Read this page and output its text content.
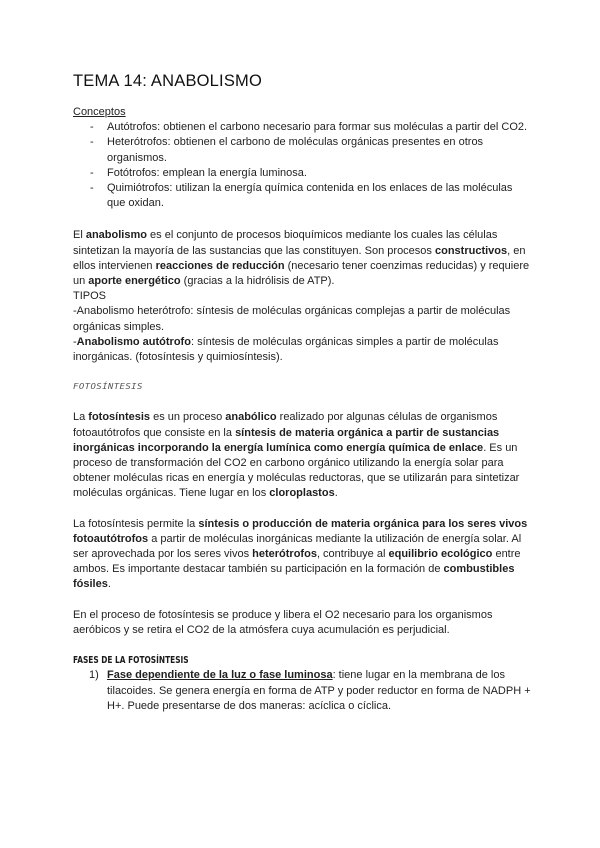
TEMA 14: ANABOLISMO
Conceptos
- Autótrofos: obtienen el carbono necesario para formar sus moléculas a partir del CO2.
- Heterótrofos: obtienen el carbono de moléculas orgánicas presentes en otros organismos.
- Fotótrofos: emplean la energía luminosa.
- Quimiótrofos: utilizan la energía química contenida en los enlaces de las moléculas que oxidan.

El anabolismo es el conjunto de procesos bioquímicos mediante los cuales las células sintetizan la mayoría de las sustancias que las constituyen. Son procesos constructivos, en ellos intervienen reacciones de reducción (necesario tener coenzimas reducidas) y requiere un aporte energético (gracias a la hidrólisis de ATP).

TIPOS

-Anabolismo heterótrofo: síntesis de moléculas orgánicas complejas a partir de moléculas orgánicas simples.

-Anabolismo autótrofo: síntesis de moléculas orgánicas simples a partir de moléculas inorgánicas. (fotosíntesis y quimiosíntesis).

FOTOSÍNTESIS

La fotosíntesis es un proceso anabólico realizado por algunas células de organismos fotoautótrofos que consiste en la síntesis de materia orgánica a partir de sustancias inorgánicas incorporando la energía lumínica como energía química de enlace. Es un proceso de transformación del CO2 en carbono orgánico utilizando la energía solar para obtener moléculas ricas en energía y moléculas reductoras, que se utilizarán para sintetizar moléculas orgánicas. Tiene lugar en los cloroplastos.

La fotosíntesis permite la síntesis o producción de materia orgánica para los seres vivos fotoautótrofos a partir de moléculas inorgánicas mediante la utilización de energía solar. Al ser aprovechada por los seres vivos heterótrofos, contribuye al equilibrio ecológico entre ambos. Es importante destacar también su participación en la formación de combustibles fósiles.

En el proceso de fotosíntesis se produce y libera el O2 necesario para los organismos aeróbicos y se retira el CO2 de la atmósfera cuya acumulación es perjudicial.

FASES DE LA FOTOSÍNTESIS
1) Fase dependiente de la luz o fase luminosa: tiene lugar en la membrana de los tilacoides. Se genera energía en forma de ATP y poder reductor en forma de NADPH + H+. Puede presentarse de dos maneras: acíclica o cíclica.
